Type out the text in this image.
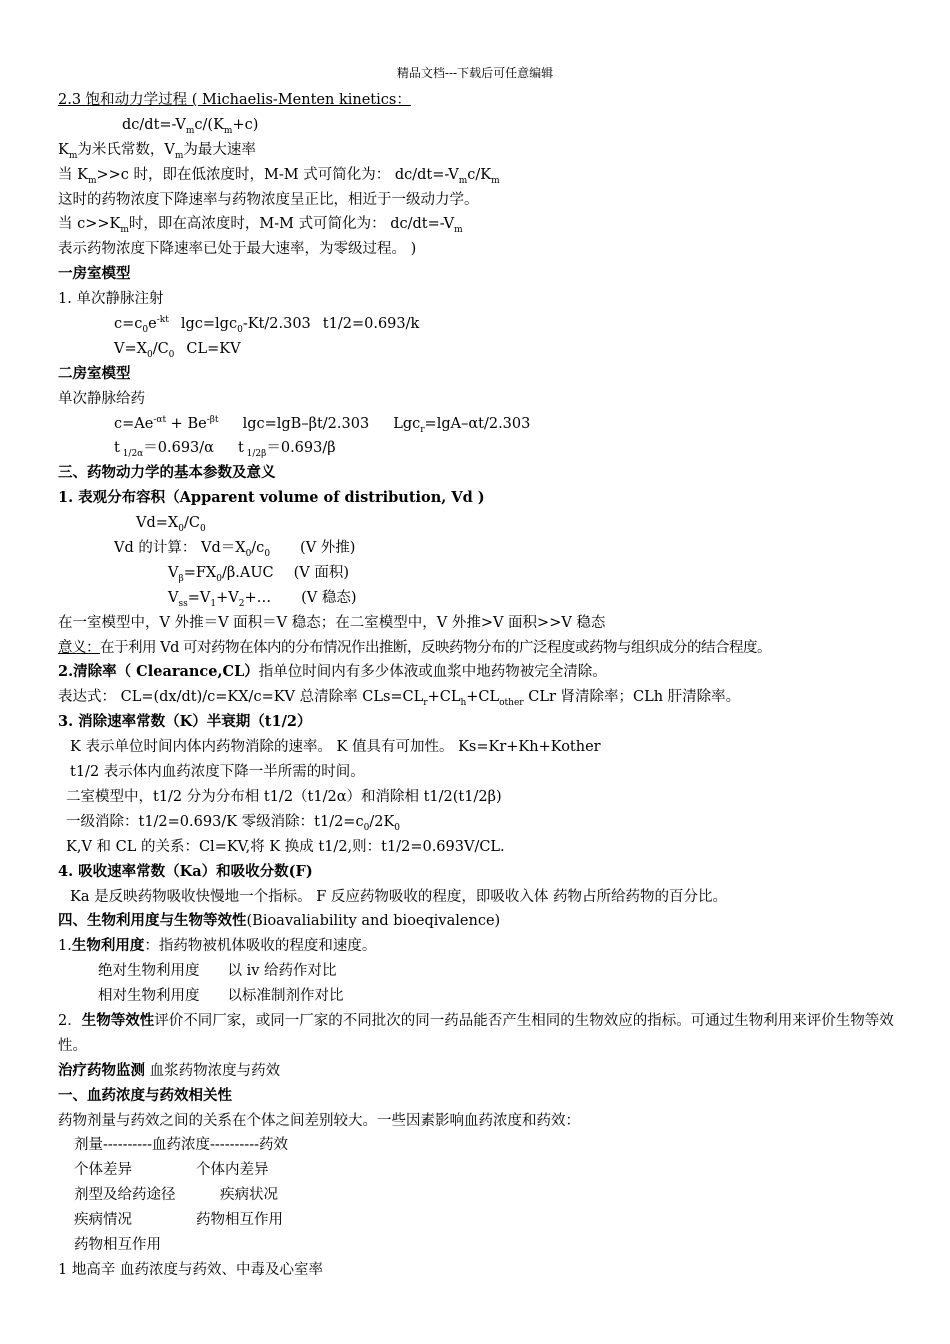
精品文档---下载后可任意编辑
2.3 饱和动力学过程 ( Michaelis-Menten kinetics：
$dc/dt=-V_mc/(K_m+c)$
$K_m$为米氏常数，$V_m$为最大速率
当 $K_m>>c$ 时，即在低浓度时，M-M 式可简化为： $dc/dt=-V_mc/K_m$
这时的药物浓度下降速率与药物浓度呈正比，相近于一级动力学。
当 $c>>K_m$时，即在高浓度时，M-M 式可简化为： $dc/dt=-V_m$
表示药物浓度下降速率已处于最大速率，为零级过程。 )
一房室模型
1. 单次静脉注射
$c=c_0e^{-kt}$ lgc=lgc$_0$-Kt/2.303 t1/2=0.693/k
$V=X_0/C_0$ CL=KV
二房室模型
单次静脉给药
$c=Ae^{-\alpha t} + Be^{-\beta t}$ lgc=lgB–βt/2.303 Lgc$_r$=lgA–αt/2.303
t $_{1/2\alpha}$＝0.693/α t $_{1/2\beta}$＝0.693/β
三、药物动力学的基本参数及意义
1. 表观分布容积（Apparent volume of distribution, Vd )
$Vd=X_0/C_0$
Vd 的计算： $Vd=X_0/c_0$ (V 外推)
$V_\beta=FX_0/\beta.AUC$ (V 面积)
$V_{ss}=V_1+V_2+\dots$ (V 稳态)
在一室模型中，V 外推＝V 面积＝V 稳态；在二室模型中，V 外推>V 面积>>V 稳态
意义：在于利用 Vd 可对药物在体内的分布情况作出推断，反映药物分布的广泛程度或药物与组织成分的结合程度。
2.清除率（ Clearance,CL）指单位时间内有多少体液或血浆中地药物被完全清除。
表达式： CL=(dx/dt)/c=KX/c=KV 总清除率 $CLs=CL_r+CL_h+CL_{other}$ CLr 肾清除率；CLh 肝清除率。
3. 消除速率常数（K）半衰期（t1/2）
K 表示单位时间内体内药物消除的速率。 K 值具有可加性。 Ks=Kr+Kh+Kother
t1/2 表示体内血药浓度下降一半所需的时间。
二室模型中，t1/2 分为分布相 t1/2（t1/2α）和消除相 t1/2(t1/2β)
一级消除：t1/2=0.693/K 零级消除：$t1/2=c_0/2K_0$
K,V 和 CL 的关系：Cl=KV,将 K 换成 t1/2,则：t1/2=0.693V/CL.
4. 吸收速率常数（Ka）和吸收分数(F)
Ka 是反映药物吸收快慢地一个指标。 F 反应药物吸收的程度，即吸收入体 药物占所给药物的百分比。
四、生物利用度与生物等效性(Bioavaliability and bioeqivalence)
1.生物利用度：指药物被机体吸收的程度和速度。
绝对生物利用度 以 iv 给药作对比
相对生物利用度 以标准制剂作对比
2．生物等效性评价不同厂家，或同一厂家的不同批次的同一药品能否产生相同的生物效应的指标。可通过生物利用来评价生物等效性。
治疗药物监测 血浆药物浓度与药效
一、血药浓度与药效相关性
药物剂量与药效之间的关系在个体之间差别较大。一些因素影响血药浓度和药效：
剂量----------血药浓度----------药效
个体差异	个体内差异
剂型及给药途径	疾病状况
疾病情况	药物相互作用
药物相互作用
1 地高辛 血药浓度与药效、中毒及心室率
